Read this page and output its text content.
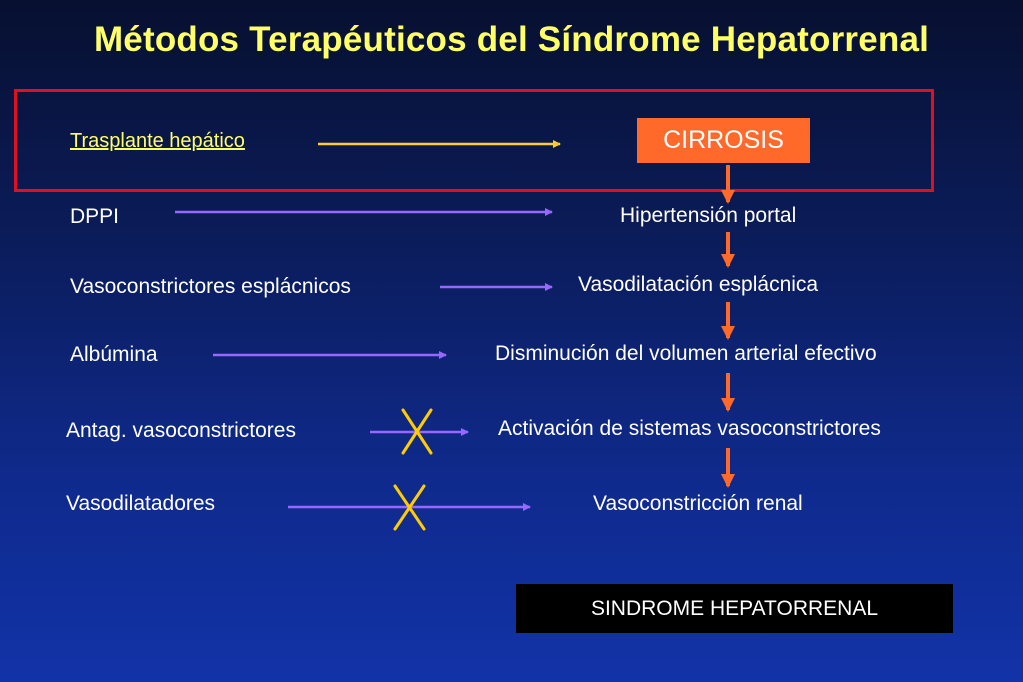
Métodos Terapéuticos del Síndrome Hepatorrenal
Trasplante hepático
DPPI
Vasoconstrictores esplácnicos
Albúmina
Antag. vasoconstrictores
Vasodilatadores
CIRROSIS
Hipertensión portal
Vasodilatación esplácnica
Disminución del volumen arterial efectivo
Activación de sistemas vasoconstrictores
Vasoconstricción renal
SINDROME HEPATORRENAL
